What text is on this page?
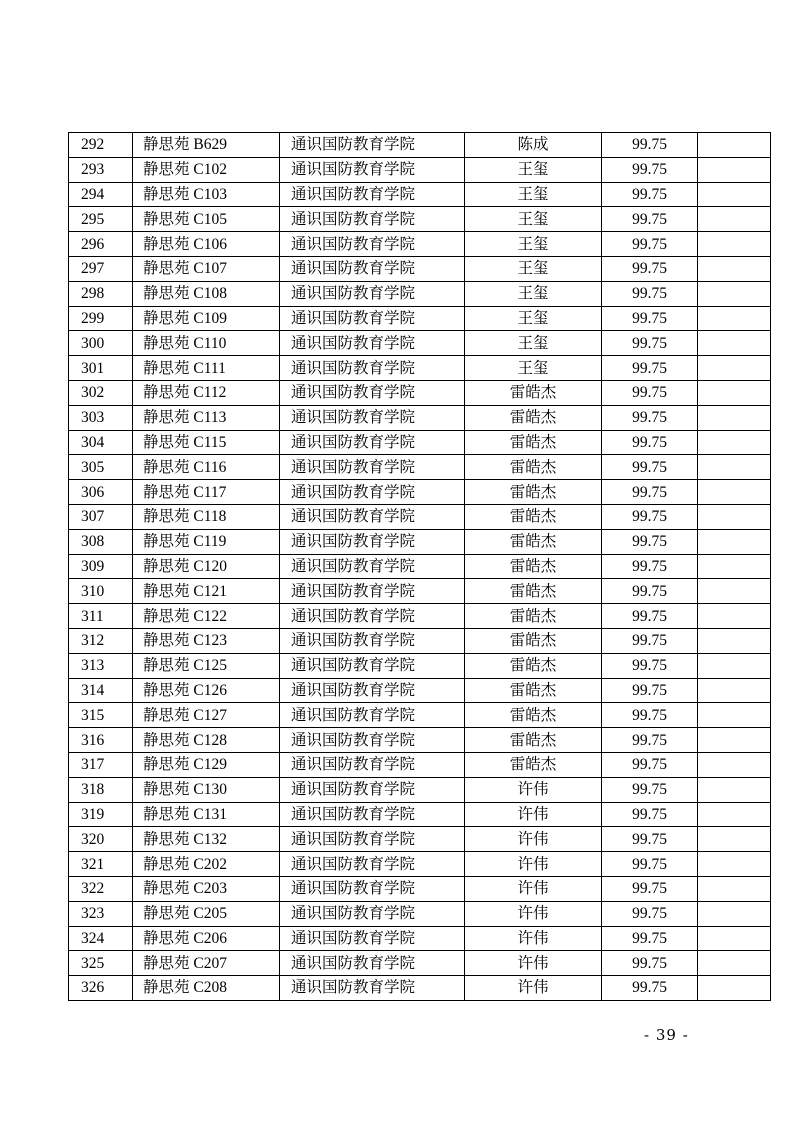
292	静思苑 B629	通识国防教育学院	陈成	99.75	
293	静思苑 C102	通识国防教育学院	王玺	99.75	
294	静思苑 C103	通识国防教育学院	王玺	99.75	
295	静思苑 C105	通识国防教育学院	王玺	99.75	
296	静思苑 C106	通识国防教育学院	王玺	99.75	
297	静思苑 C107	通识国防教育学院	王玺	99.75	
298	静思苑 C108	通识国防教育学院	王玺	99.75	
299	静思苑 C109	通识国防教育学院	王玺	99.75	
300	静思苑 C110	通识国防教育学院	王玺	99.75	
301	静思苑 C111	通识国防教育学院	王玺	99.75	
302	静思苑 C112	通识国防教育学院	雷皓杰	99.75	
303	静思苑 C113	通识国防教育学院	雷皓杰	99.75	
304	静思苑 C115	通识国防教育学院	雷皓杰	99.75	
305	静思苑 C116	通识国防教育学院	雷皓杰	99.75	
306	静思苑 C117	通识国防教育学院	雷皓杰	99.75	
307	静思苑 C118	通识国防教育学院	雷皓杰	99.75	
308	静思苑 C119	通识国防教育学院	雷皓杰	99.75	
309	静思苑 C120	通识国防教育学院	雷皓杰	99.75	
310	静思苑 C121	通识国防教育学院	雷皓杰	99.75	
311	静思苑 C122	通识国防教育学院	雷皓杰	99.75	
312	静思苑 C123	通识国防教育学院	雷皓杰	99.75	
313	静思苑 C125	通识国防教育学院	雷皓杰	99.75	
314	静思苑 C126	通识国防教育学院	雷皓杰	99.75	
315	静思苑 C127	通识国防教育学院	雷皓杰	99.75	
316	静思苑 C128	通识国防教育学院	雷皓杰	99.75	
317	静思苑 C129	通识国防教育学院	雷皓杰	99.75	
318	静思苑 C130	通识国防教育学院	许伟	99.75	
319	静思苑 C131	通识国防教育学院	许伟	99.75	
320	静思苑 C132	通识国防教育学院	许伟	99.75	
321	静思苑 C202	通识国防教育学院	许伟	99.75	
322	静思苑 C203	通识国防教育学院	许伟	99.75	
323	静思苑 C205	通识国防教育学院	许伟	99.75	
324	静思苑 C206	通识国防教育学院	许伟	99.75	
325	静思苑 C207	通识国防教育学院	许伟	99.75	
326	静思苑 C208	通识国防教育学院	许伟	99.75	
- 39 -
